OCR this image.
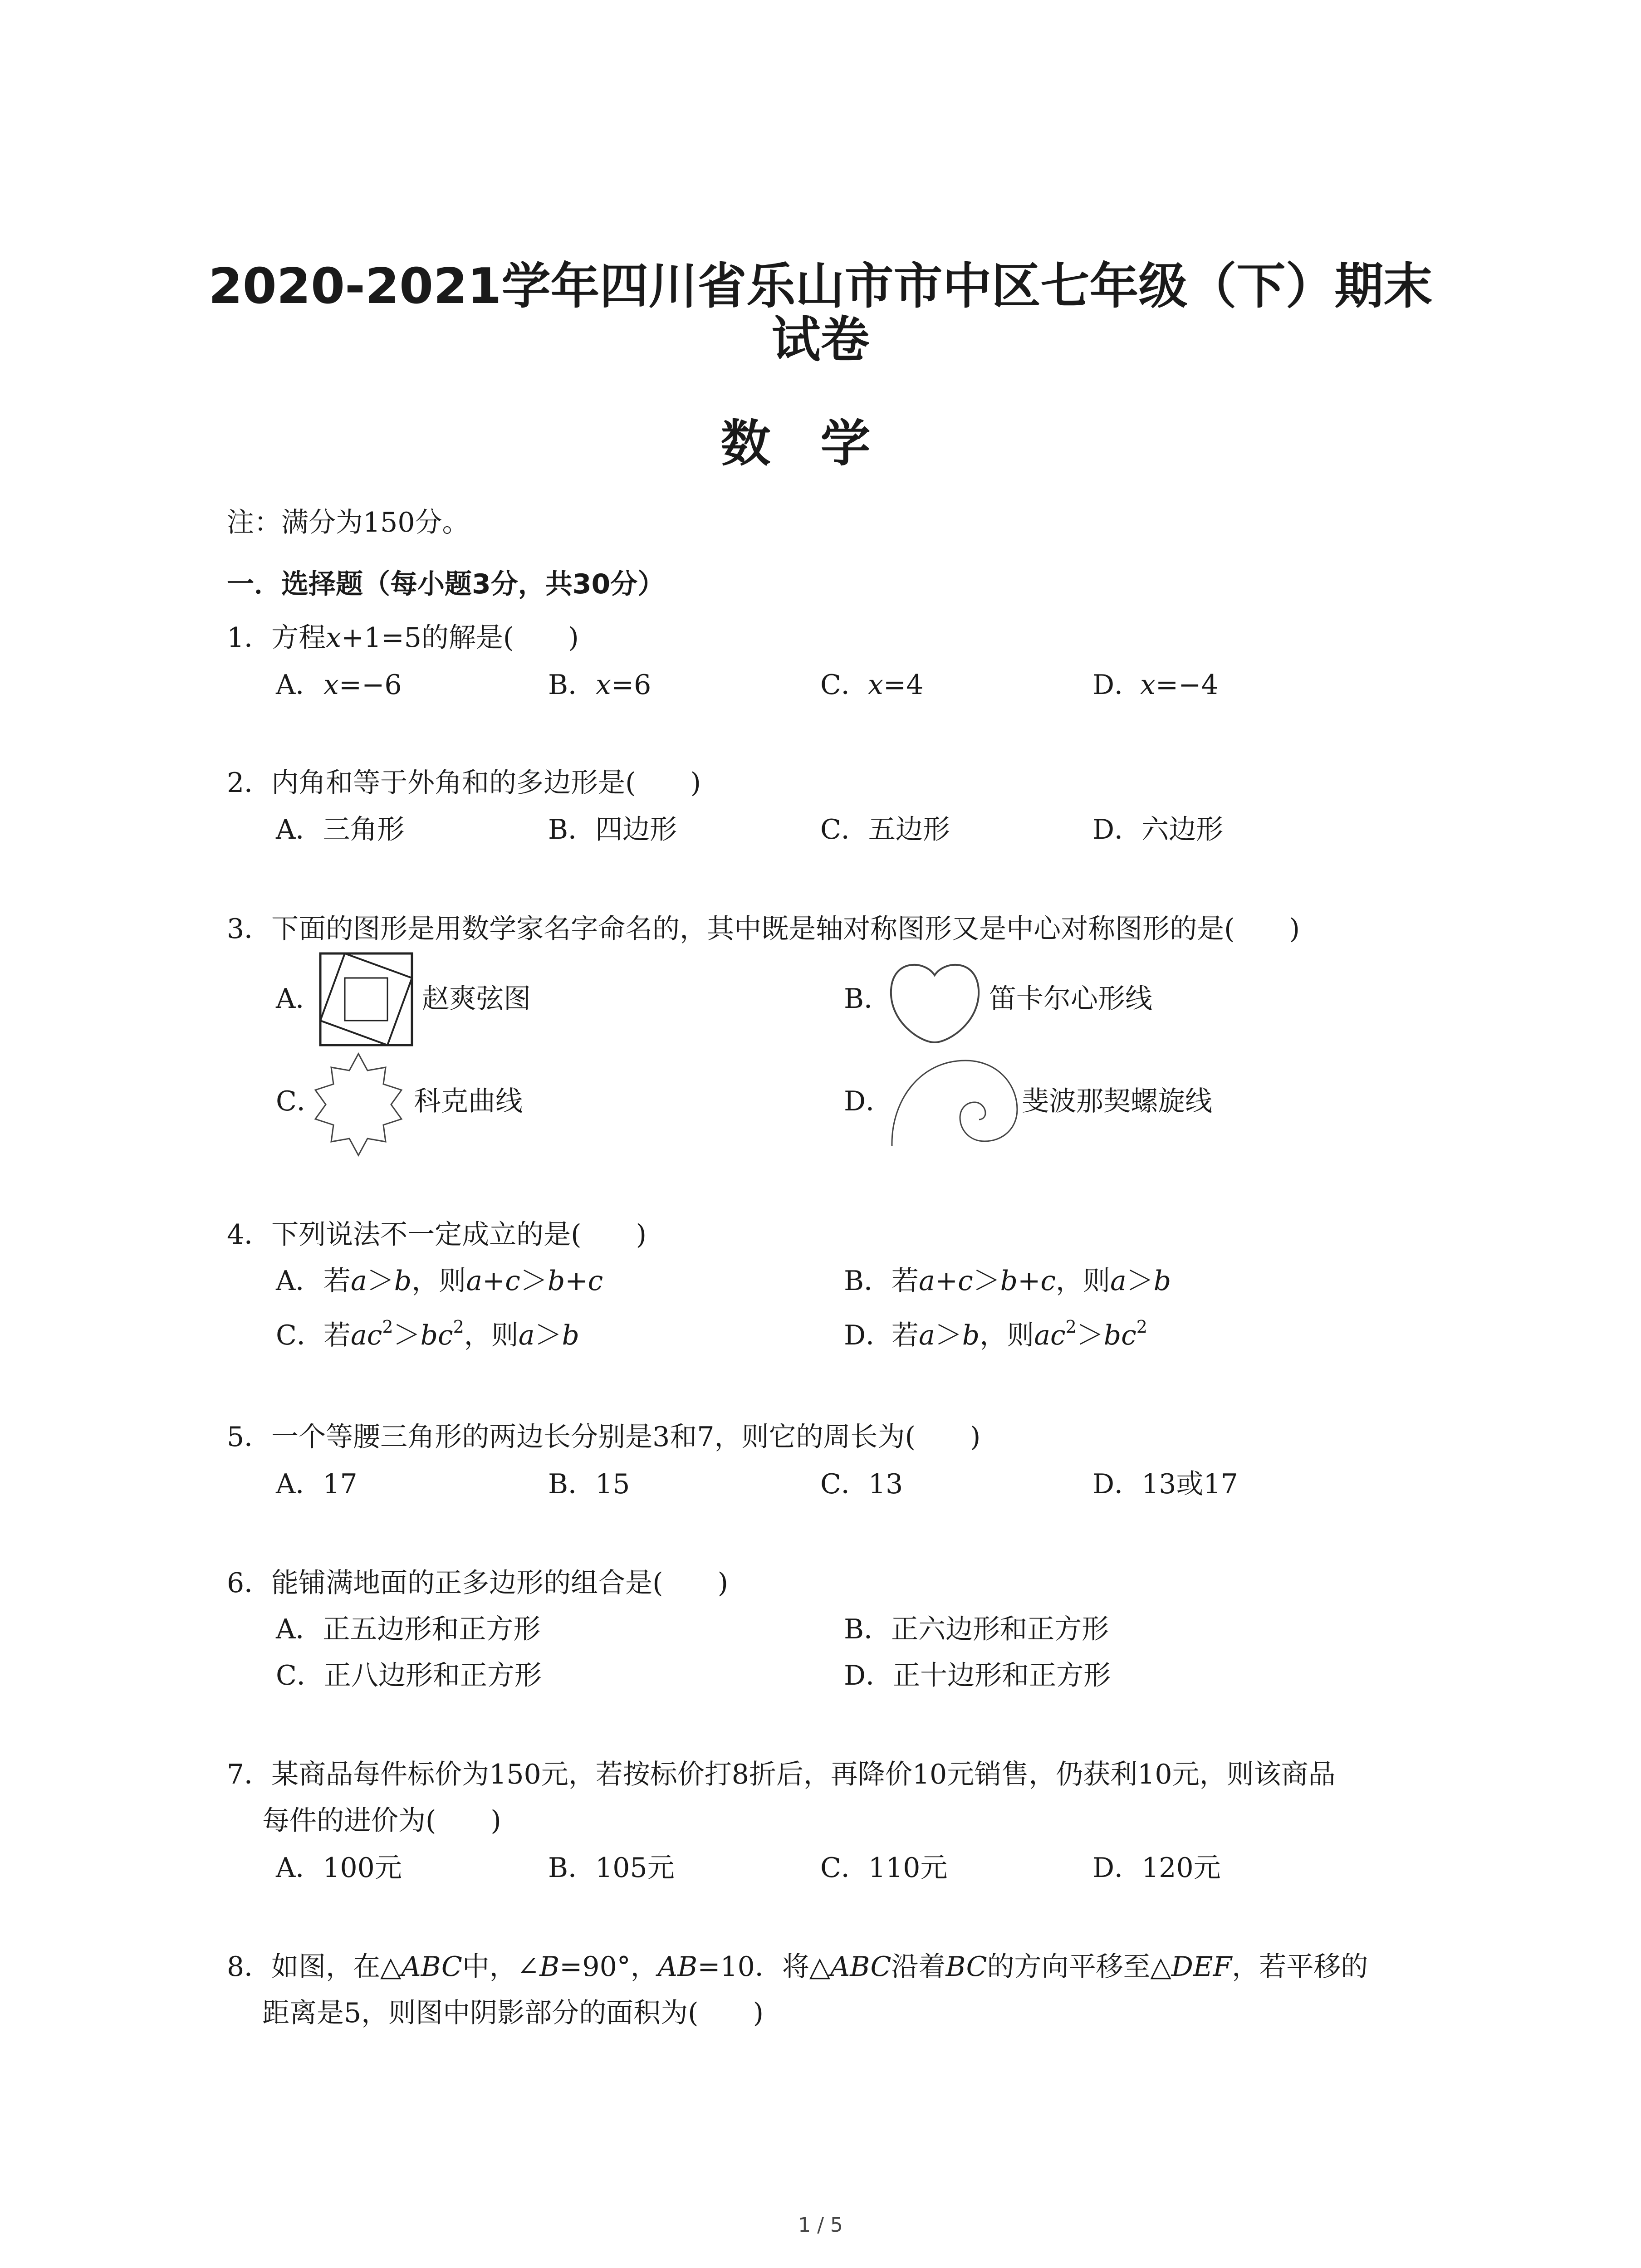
2020-2021学年四川省乐山市市中区七年级（下）期末
试卷
数学
注：满分为150分。
一．选择题（每小题3分，共30分）
1．方程x+1=5的解是(　　)
A．x=−6	B．x=6	C．x=4	D．x=−4
2．内角和等于外角和的多边形是(　　)
A．三角形	B．四边形	C．五边形	D．六边形
3．下面的图形是用数学家名字命名的，其中既是轴对称图形又是中心对称图形的是(　　)
A．	赵爽弦图	B．	笛卡尔心形线
C．	科克曲线	D．	斐波那契螺旋线
4．下列说法不一定成立的是(　　)
A．若a＞b，则a+c＞b+c	B．若a+c＞b+c，则a＞b
C．若$ac^2>bc^2$，则a＞b	D．若a＞b，则$ac^2>bc^2$
5．一个等腰三角形的两边长分别是3和7，则它的周长为(　　)
A．17	B．15	C．13	D．13或17
6．能铺满地面的正多边形的组合是(　　)
A．正五边形和正方形	B．正六边形和正方形
C．正八边形和正方形	D．正十边形和正方形
7．某商品每件标价为150元，若按标价打8折后，再降价10元销售，仍获利10元，则该商品
每件的进价为(　　)
A．100元	B．105元	C．110元	D．120元
8．如图，在△ABC中，∠B=90°，AB=10．将△ABC沿着BC的方向平移至△DEF，若平移的
距离是5，则图中阴影部分的面积为(　　)
1 / 5
